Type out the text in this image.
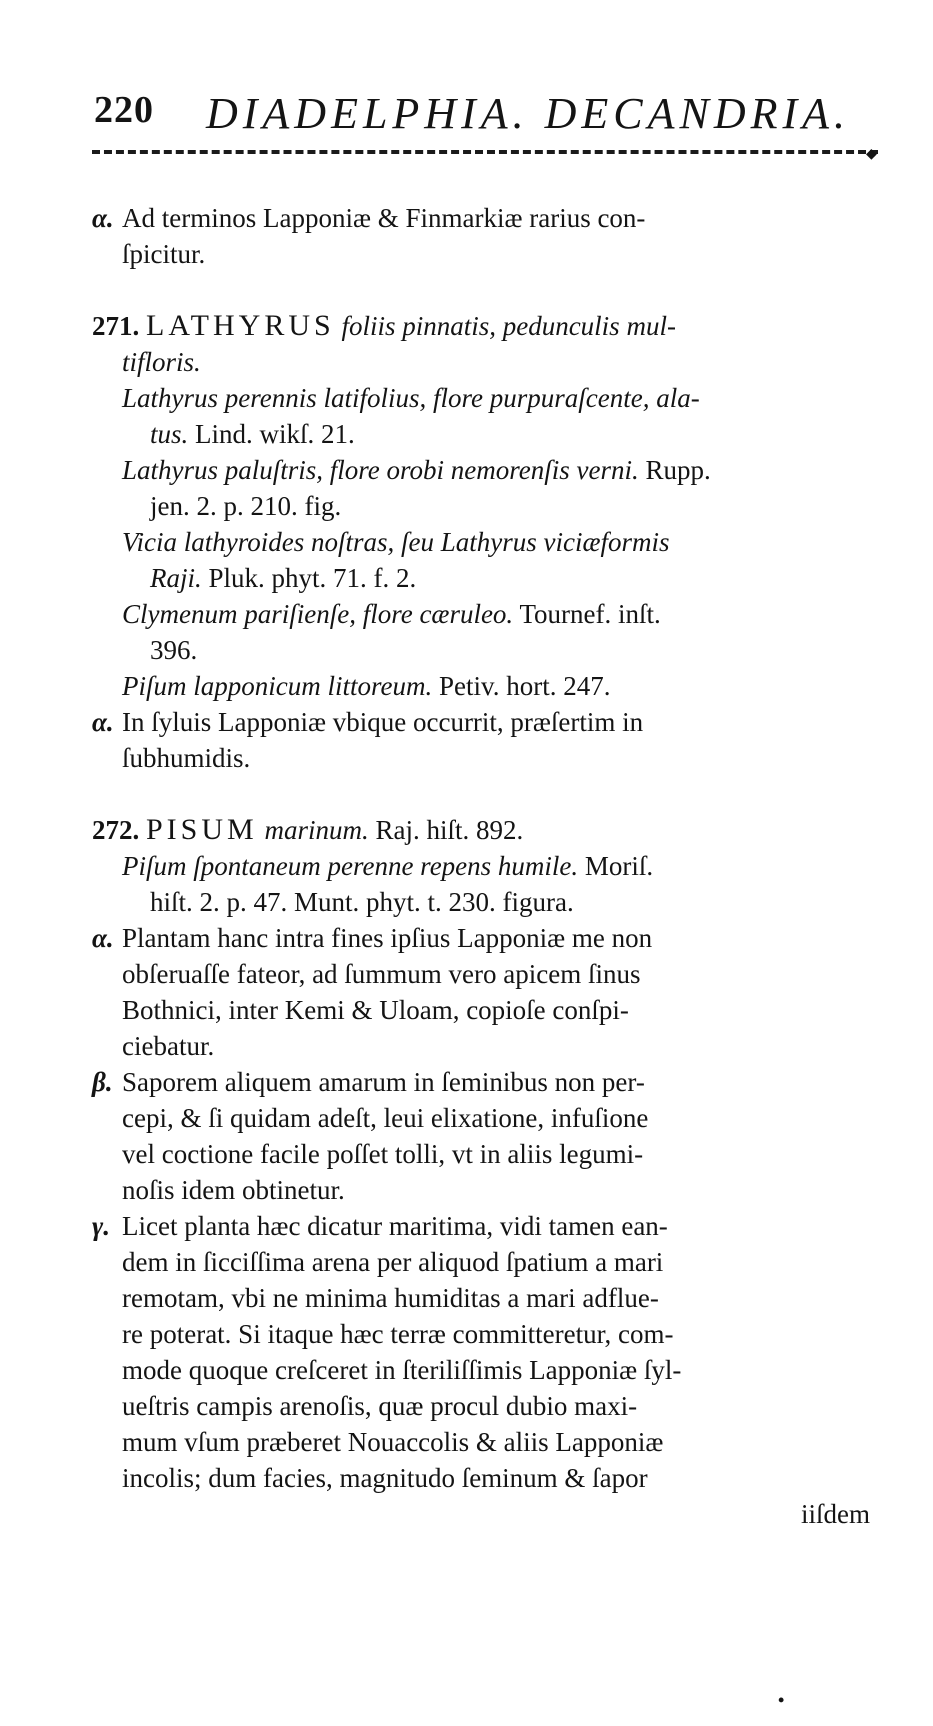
220 DIADELPHIA. DECANDRIA.
◆
α. Ad terminos Lapponiæ & Finmarkiæ rarius con-
ſpicitur.
271. LATHYRUS foliis pinnatis, pedunculis mul-
tifloris.
Lathyrus perennis latifolius, flore purpuraſcente, ala-
tus. Lind. wikſ. 21.
Lathyrus paluſtris, flore orobi nemorenſis verni. Rupp.
jen. 2. p. 210. fig.
Vicia lathyroides noſtras, ſeu Lathyrus viciæformis
Raji. Pluk. phyt. 71. f. 2.
Clymenum pariſienſe, flore cæruleo. Tournef. inſt.
396.
Piſum lapponicum littoreum. Petiv. hort. 247.
α. In ſyluis Lapponiæ vbique occurrit, præſertim in
ſubhumidis.
272. PISUM marinum. Raj. hiſt. 892.
Piſum ſpontaneum perenne repens humile. Moriſ.
hiſt. 2. p. 47. Munt. phyt. t. 230. figura.
α. Plantam hanc intra fines ipſius Lapponiæ me non
obſeruaſſe fateor, ad ſummum vero apicem ſinus
Bothnici, inter Kemi & Uloam, copioſe conſpi-
ciebatur.
β. Saporem aliquem amarum in ſeminibus non per-
cepi, & ſi quidam adeſt, leui elixatione, infuſione
vel coctione facile poſſet tolli, vt in aliis legumi-
noſis idem obtinetur.
γ. Licet planta hæc dicatur maritima, vidi tamen ean-
dem in ſicciſſima arena per aliquod ſpatium a mari
remotam, vbi ne minima humiditas a mari adflue-
re poterat. Si itaque hæc terræ committeretur, com-
mode quoque creſceret in ſteriliſſimis Lapponiæ ſyl-
ueſtris campis arenoſis, quæ procul dubio maxi-
mum vſum præberet Nouaccolis & aliis Lapponiæ
incolis; dum facies, magnitudo ſeminum & ſapor
iiſdem
•
